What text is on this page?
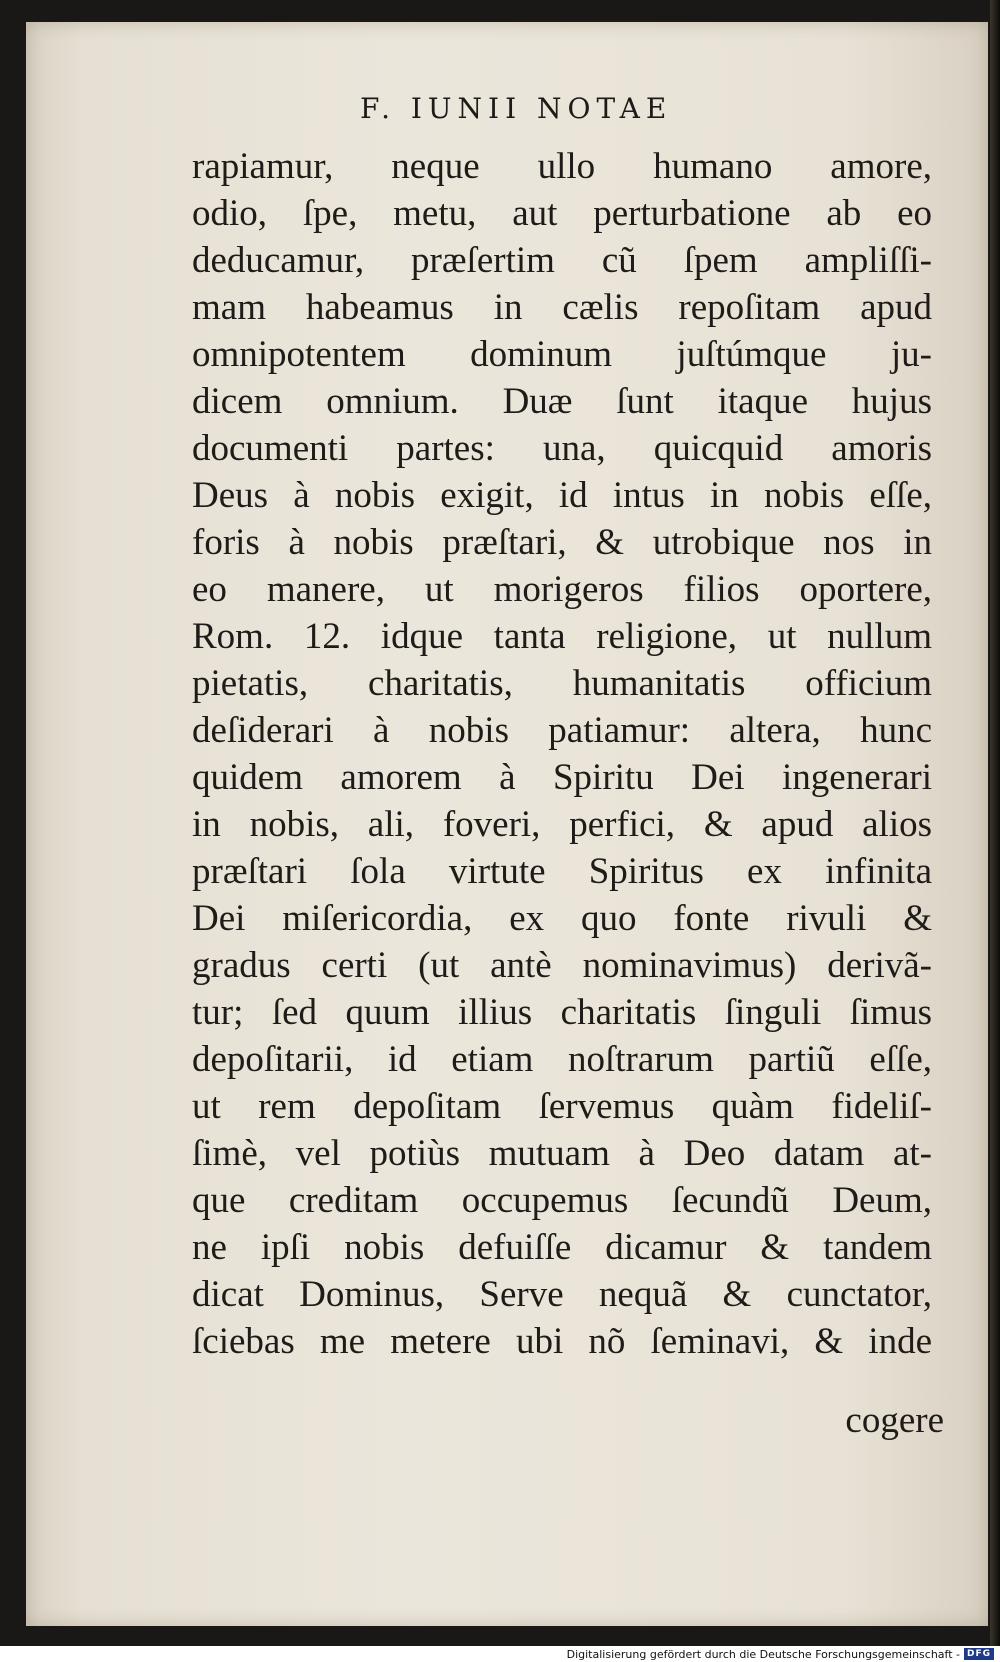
F. IUNII NOTAE
rapiamur, neque ullo humano amore,
odio, ſpe, metu, aut perturbatione ab eo
deducamur, præſertim cũ ſpem ampliſſi-
mam habeamus in cælis repoſitam apud
omnipotentem dominum juſtúmque ju-
dicem omnium. Duæ ſunt itaque hujus
documenti partes: una, quicquid amoris
Deus à nobis exigit, id intus in nobis eſſe,
foris à nobis præſtari, & utrobique nos in
eo manere, ut morigeros filios oportere,
Rom. 12. idque tanta religione, ut nullum
pietatis, charitatis, humanitatis officium
deſiderari à nobis patiamur: altera, hunc
quidem amorem à Spiritu Dei ingenerari
in nobis, ali, foveri, perfici, & apud alios
præſtari ſola virtute Spiritus ex infinita
Dei miſericordia, ex quo fonte rivuli &
gradus certi (ut antè nominavimus) derivã-
tur; ſed quum illius charitatis ſinguli ſimus
depoſitarii, id etiam noſtrarum partiũ eſſe,
ut rem depoſitam ſervemus quàm fideliſ-
ſimè, vel potiùs mutuam à Deo datam at-
que creditam occupemus ſecundũ Deum,
ne ipſi nobis defuiſſe dicamur & tandem
dicat Dominus, Serve nequã & cunctator,
ſciebas me metere ubi nõ ſeminavi, & inde
cogere
Digitalisierung gefördert durch die Deutsche Forschungsgemeinschaft - DFG
